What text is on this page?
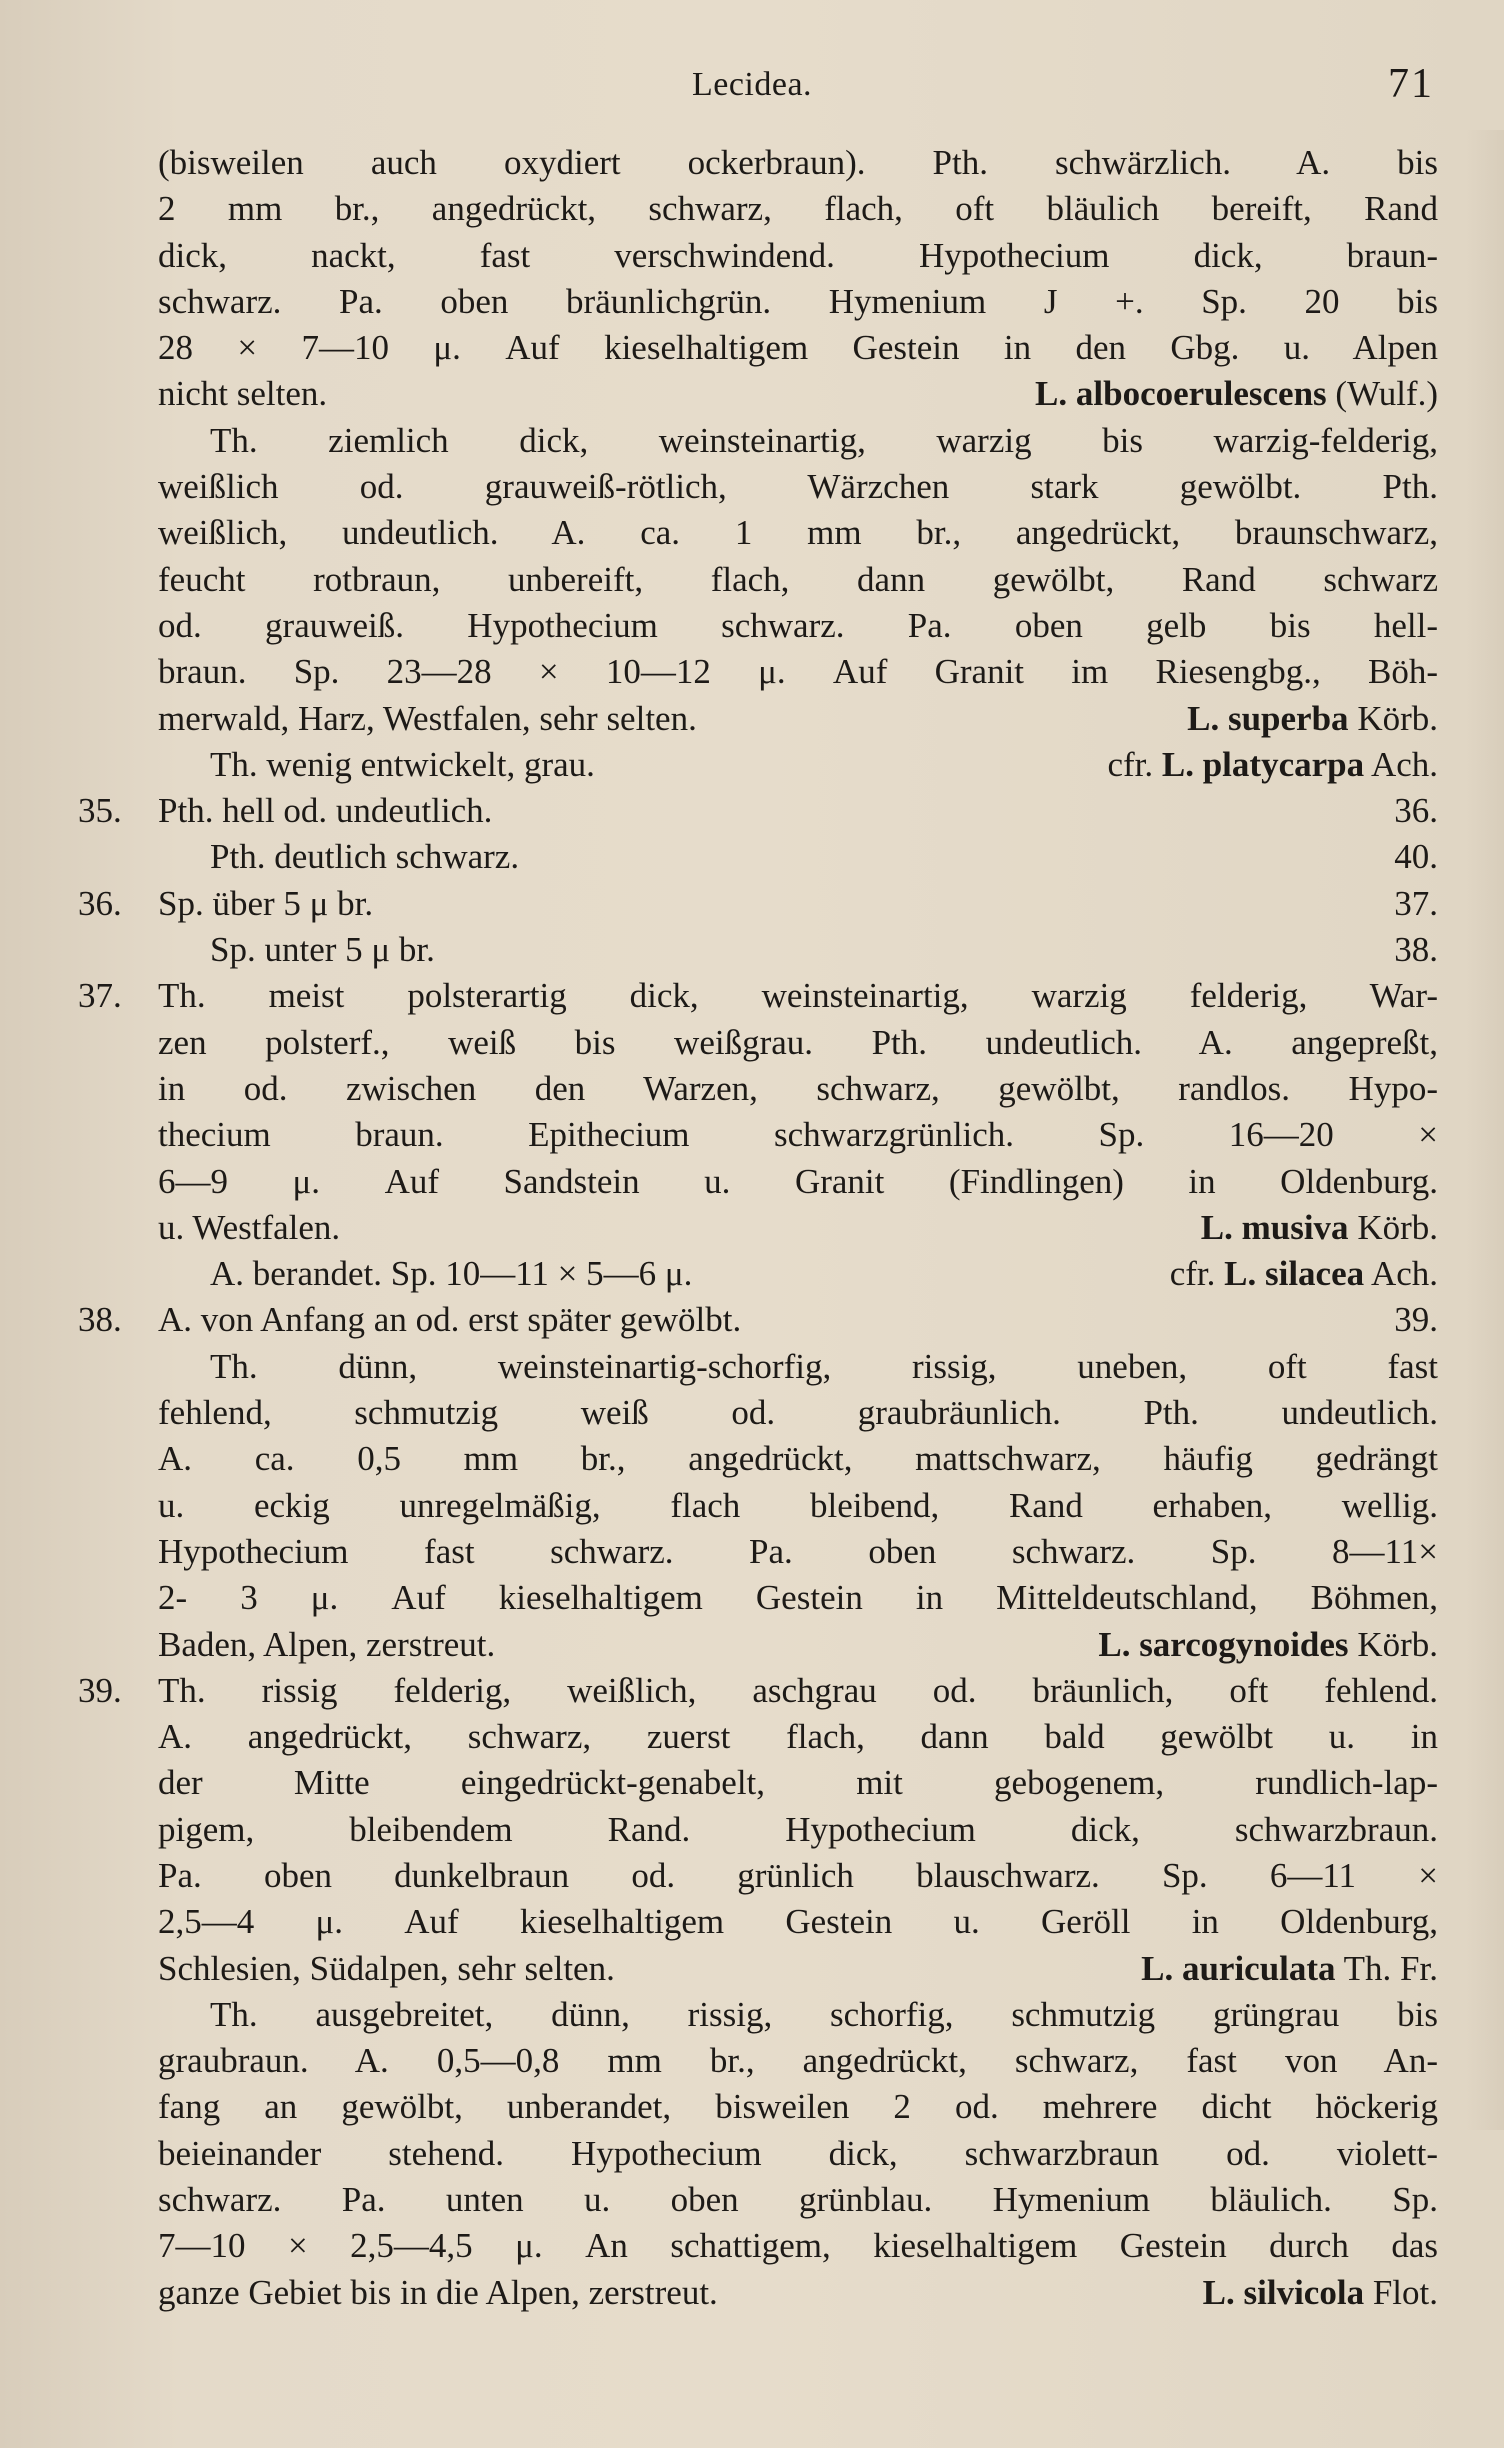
Lecidea.	71
(bisweilen auch oxydiert ockerbraun). Pth. schwärzlich. A. bis
2 mm br., angedrückt, schwarz, flach, oft bläulich bereift, Rand
dick, nackt, fast verschwindend. Hypothecium dick, braun-
schwarz. Pa. oben bräunlichgrün. Hymenium J +. Sp. 20 bis
28 × 7—10 μ. Auf kieselhaltigem Gestein in den Gbg. u. Alpen
nicht selten.	L. albocoerulescens (Wulf.)
Th. ziemlich dick, weinsteinartig, warzig bis warzig-felderig,
weißlich od. grauweiß-rötlich, Wärzchen stark gewölbt. Pth.
weißlich, undeutlich. A. ca. 1 mm br., angedrückt, braunschwarz,
feucht rotbraun, unbereift, flach, dann gewölbt, Rand schwarz
od. grauweiß. Hypothecium schwarz. Pa. oben gelb bis hell-
braun. Sp. 23—28 × 10—12 μ. Auf Granit im Riesengbg., Böh-
merwald, Harz, Westfalen, sehr selten.	L. superba Körb.
Th. wenig entwickelt, grau.	cfr. L. platycarpa Ach.
35.	Pth. hell od. undeutlich.	36.
Pth. deutlich schwarz.	40.
36.	Sp. über 5 μ br.	37.
Sp. unter 5 μ br.	38.
37.	Th. meist polsterartig dick, weinsteinartig, warzig felderig, War-
zen polsterf., weiß bis weißgrau. Pth. undeutlich. A. angepreßt,
in od. zwischen den Warzen, schwarz, gewölbt, randlos. Hypo-
thecium braun. Epithecium schwarzgrünlich. Sp. 16—20 ×
6—9 μ. Auf Sandstein u. Granit (Findlingen) in Oldenburg.
u. Westfalen.	L. musiva Körb.
A. berandet. Sp. 10—11 × 5—6 μ.	cfr. L. silacea Ach.
38.	A. von Anfang an od. erst später gewölbt.	39.
Th. dünn, weinsteinartig-schorfig, rissig, uneben, oft fast
fehlend, schmutzig weiß od. graubräunlich. Pth. undeutlich.
A. ca. 0,5 mm br., angedrückt, mattschwarz, häufig gedrängt
u. eckig unregelmäßig, flach bleibend, Rand erhaben, wellig.
Hypothecium fast schwarz. Pa. oben schwarz. Sp. 8—11×
2- 3 μ. Auf kieselhaltigem Gestein in Mitteldeutschland, Böhmen,
Baden, Alpen, zerstreut.	L. sarcogynoides Körb.
39.	Th. rissig felderig, weißlich, aschgrau od. bräunlich, oft fehlend.
A. angedrückt, schwarz, zuerst flach, dann bald gewölbt u. in
der Mitte eingedrückt-genabelt, mit gebogenem, rundlich-lap-
pigem, bleibendem Rand. Hypothecium dick, schwarzbraun.
Pa. oben dunkelbraun od. grünlich blauschwarz. Sp. 6—11 ×
2,5—4 μ. Auf kieselhaltigem Gestein u. Geröll in Oldenburg,
Schlesien, Südalpen, sehr selten.	L. auriculata Th. Fr.
Th. ausgebreitet, dünn, rissig, schorfig, schmutzig grüngrau bis
graubraun. A. 0,5—0,8 mm br., angedrückt, schwarz, fast von An-
fang an gewölbt, unberandet, bisweilen 2 od. mehrere dicht höckerig
beieinander stehend. Hypothecium dick, schwarzbraun od. violett-
schwarz. Pa. unten u. oben grünblau. Hymenium bläulich. Sp.
7—10 × 2,5—4,5 μ. An schattigem, kieselhaltigem Gestein durch das
ganze Gebiet bis in die Alpen, zerstreut.	L. silvicola Flot.
